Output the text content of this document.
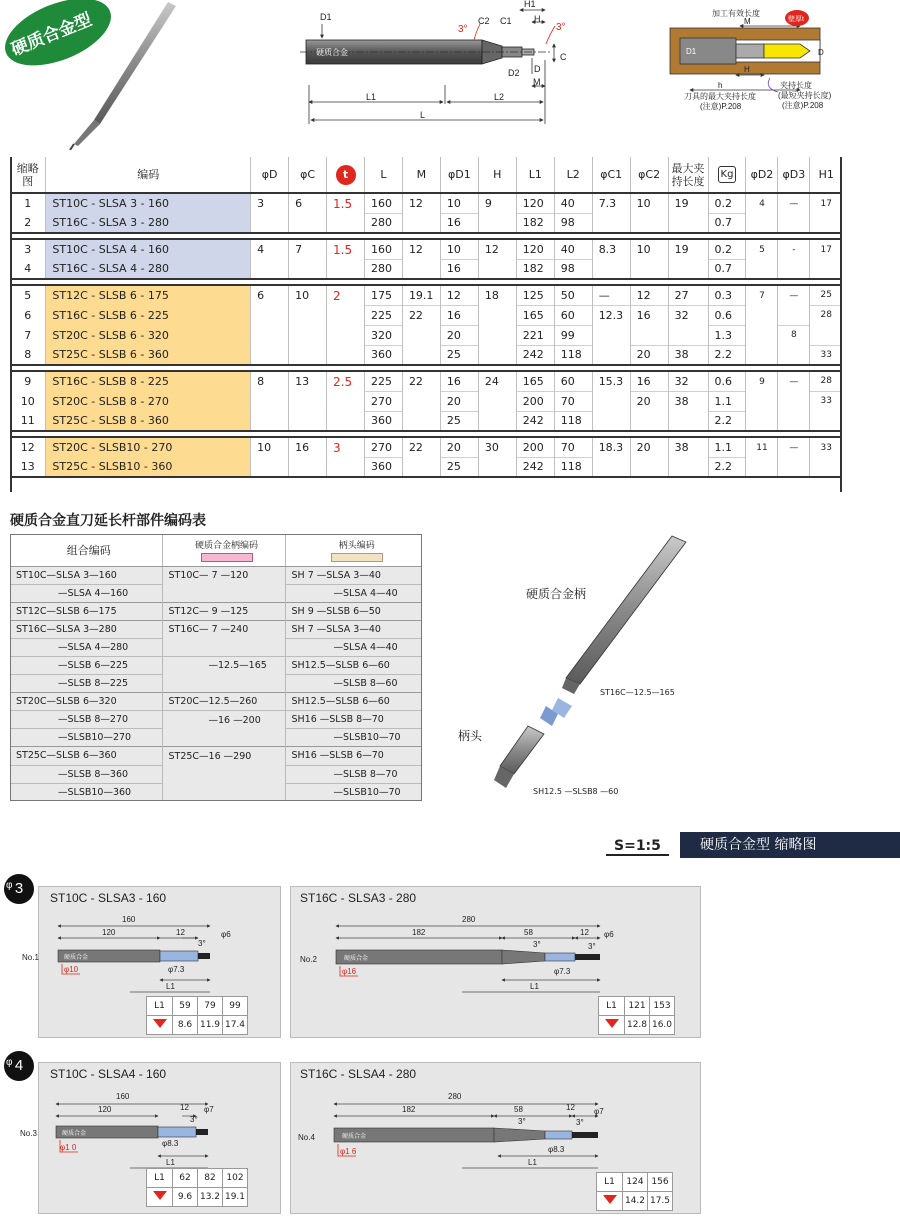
硬质合金型	D1
3°
C2 C1
H1
H
3°
C
D2 D
M
硬质合金
L1	L2
L
加工有效长度
M	壁厚t
D1	D
H
h
刀具的最大夹持长度
(注意)P.208
夹持长度
(最短夹持长度)
(注意)P.208
缩略
图	编码	φD	φC	t	L	M	φD1	H	L1	L2	φC1	φC2	最大夹
持长度	Kg	φD2	φD3	H1
1	ST10C - SLSA 3 - 160	3	6	1.5	160	12	10	9	120	40	7.3	10	19	0.2	4	—	17
2	ST16C - SLSA 3 - 280				280		16		182	98				0.7			

3	ST10C - SLSA 4 - 160	4	7	1.5	160	12	10	12	120	40	8.3	10	19	0.2	5	-	17
4	ST16C - SLSA 4 - 280				280		16		182	98				0.7			

5	ST12C - SLSB 6 - 175	6	10	2	175	19.1	12	18	125	50	—	12	27	0.3	7	—	25
6	ST16C - SLSB 6 - 225				225	22	16		165	60	12.3	16	32	0.6			28
7	ST20C - SLSB 6 - 320				320		20		221	99				1.3		8	
8	ST25C - SLSB 6 - 360				360		25		242	118		20	38	2.2			33

9	ST16C - SLSB 8 - 225	8	13	2.5	225	22	16	24	165	60	15.3	16	32	0.6	9	—	28
10	ST20C - SLSB 8 - 270				270		20		200	70		20	38	1.1			33
11	ST25C - SLSB 8 - 360				360		25		242	118				2.2			

12	ST20C - SLSB10 - 270	10	16	3	270	22	20	30	200	70	18.3	20	38	1.1	11	—	33
13	ST25C - SLSB10 - 360				360		25		242	118				2.2			
硬质合金直刀延长杆部件编码表
组合编码	硬质合金柄编码	柄头编码

ST10C—SLSA 3—160	ST10C— 7 —120	SH 7 —SLSA 3—40
—SLSA 4—160		—SLSA 4—40
ST12C—SLSB 6—175	ST12C— 9 —125	SH 9 —SLSB 6—50
ST16C—SLSA 3—280	ST16C— 7 —240	SH 7 —SLSA 3—40
—SLSA 4—280		—SLSA 4—40
—SLSB 6—225	—12.5—165	SH12.5—SLSB 6—60
—SLSB 8—225		—SLSB 8—60
ST20C—SLSB 6—320	ST20C—12.5—260	SH12.5—SLSB 6—60
—SLSB 8—270	—16 —200	SH16 —SLSB 8—70
—SLSB10—270		—SLSB10—70
ST25C—SLSB 6—360	ST25C—16 —290	SH16 —SLSB 6—70
—SLSB 8—360		—SLSB 8—70
—SLSB10—360		—SLSB10—70
硬质合金柄
ST16C—12.5—165
柄头
SH12.5 —SLSB8 —60
S=1:5	硬质合金型 缩略图
φ 3
φ 4
ST10C - SLSA3 - 160	ST16C - SLSA3 - 280
ST10C - SLSA4 - 160	ST16C - SLSA4 - 280
No.1
160
120	12	φ6
3°
硬质合金
φ10	φ7.3
L1
No.2
280
182	58	12 φ6
3°	3°
硬质合金
φ16	φ7.3
L1
No.3
160
120	12 φ7
3°
硬质合金
φ1 0	φ8.3
L1
No.4
280
182	58	12 φ7
3°	3°
硬质合金
φ1 6	φ8.3
L1
L1	59	79	99
	8.6	11.9	17.4
L1	121	153
	12.8	16.0
L1	62	82	102
	9.6	13.2	19.1
L1	124	156
	14.2	17.5
